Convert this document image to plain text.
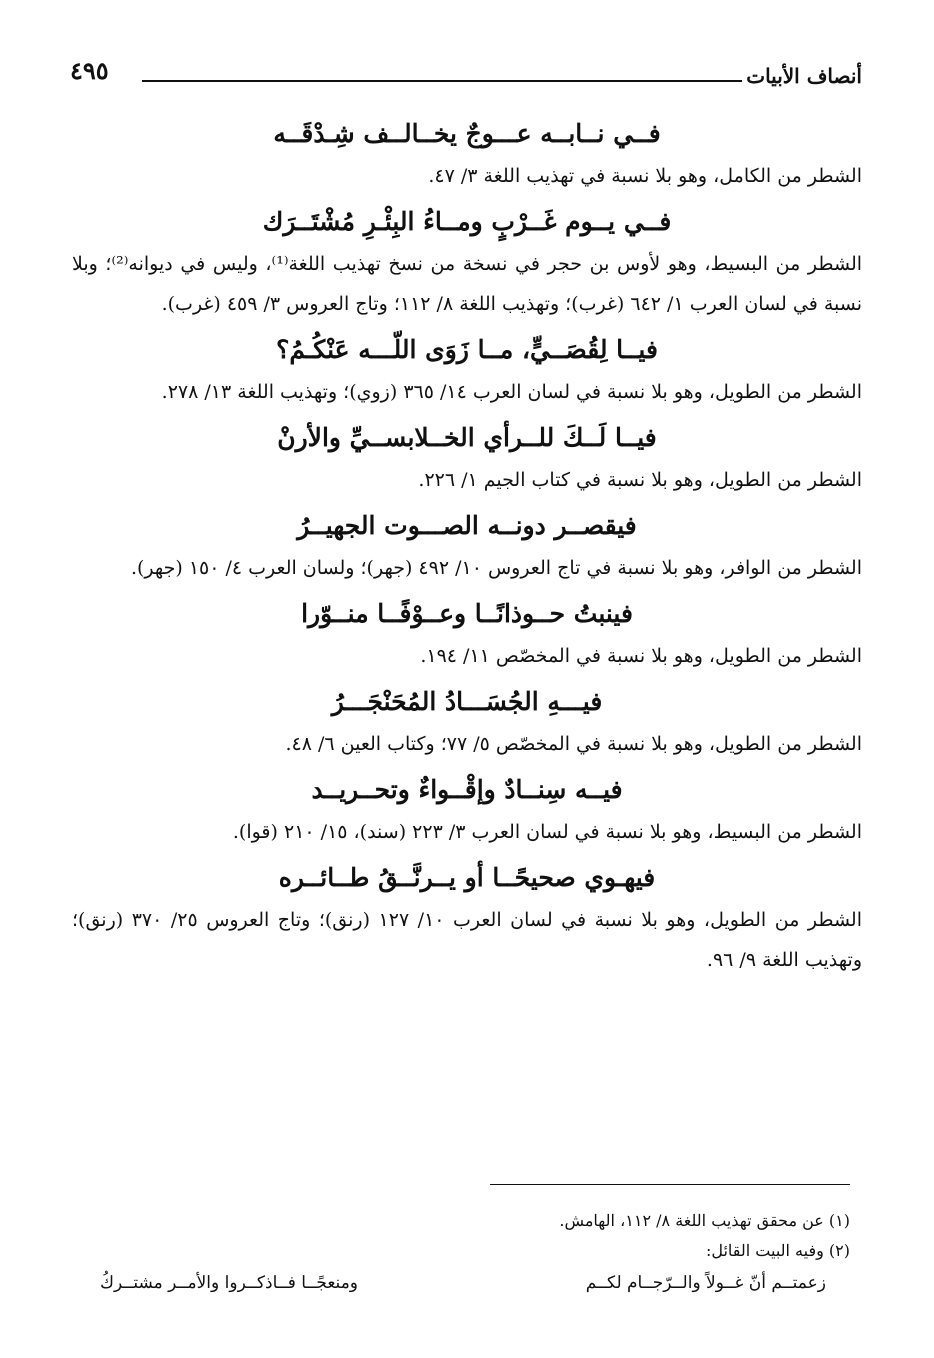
أنصاف الأبيات
٤٩٥
فــي نــابــه عـــوجٌ يخــالــف شِـدْقَــه

الشطر من الكامل، وهو بلا نسبة في تهذيب اللغة ٣/ ٤٧.

فــي يــوم غَــرْبٍ ومــاءُ البِئْـرِ مُشْتَــرَك

الشطر من البسيط، وهو لأوس بن حجر في نسخة من نسخ تهذيب اللغة⁽¹⁾، وليس في ديوانه⁽²⁾؛ وبلا نسبة في لسان العرب ١/ ٦٤٢ (غرب)؛ وتهذيب اللغة ٨/ ١١٢؛ وتاج العروس ٣/ ٤٥٩ (غرب).

فيــا لِقُصَــيٍّ، مــا زَوَى اللّـــه عَنْكُـمُ؟

الشطر من الطويل، وهو بلا نسبة في لسان العرب ١٤/ ٣٦٥ (زوي)؛ وتهذيب اللغة ١٣/ ٢٧٨.

فيــا لَــكَ للــرأي الخــلابســيِّ والأرنْ

الشطر من الطويل، وهو بلا نسبة في كتاب الجيم ١/ ٢٢٦.

فيقصــر دونــه الصـــوت الجهيــرُ

الشطر من الوافر، وهو بلا نسبة في تاج العروس ١٠/ ٤٩٢ (جهر)؛ ولسان العرب ٤/ ١٥٠ (جهر).

فينبتُ حــوذانًــا وعــوْفًــا منــوّرا

الشطر من الطويل، وهو بلا نسبة في المخصّص ١١/ ١٩٤.

فيـــهِ الجُسَـــادُ المُحَنْجَـــرُ

الشطر من الطويل، وهو بلا نسبة في المخصّص ٥/ ٧٧؛ وكتاب العين ٦/ ٤٨.

فيــه سِنــادٌ وإقْــواءٌ وتحــريــد

الشطر من البسيط، وهو بلا نسبة في لسان العرب ٣/ ٢٢٣ (سند)، ١٥/ ٢١٠ (قوا).

فيهـوي صحيحًــا أو يــرنَّــقُ طــائــره

الشطر من الطويل، وهو بلا نسبة في لسان العرب ١٠/ ١٢٧ (رنق)؛ وتاج العروس ٢٥/ ٣٧٠ (رنق)؛ وتهذيب اللغة ٩/ ٩٦.

(١) عن محقق تهذيب اللغة ٨/ ١١٢، الهامش.
(٢) وفيه البيت القائل:
زعمتــم أنّ غــولاً والــرّجــام لكــم
ومنعجًــا فــاذكــروا والأمــر مشتــركُ
